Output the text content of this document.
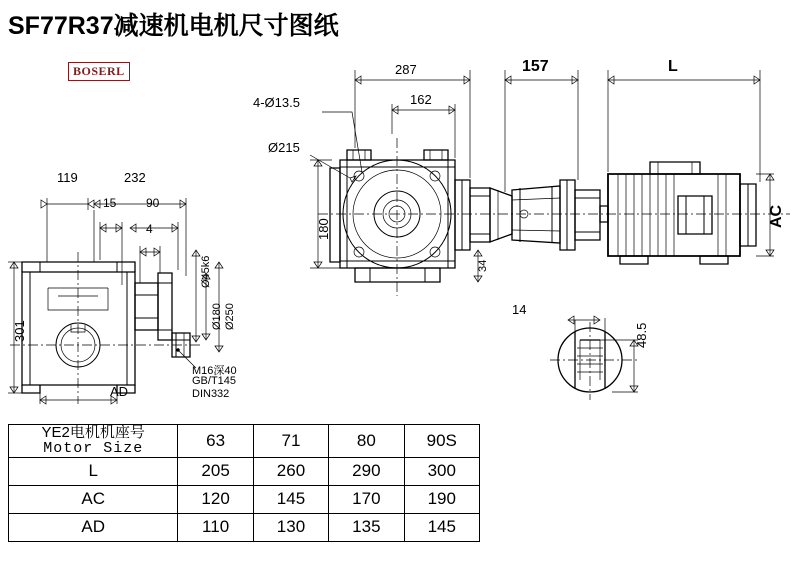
SF77R37减速机电机尺寸图纸
BOSERL
119	232
15 90
4
Ø45k6
Ø180 Ø250
301
AD
M16深40
GB/T145
DIN332
287
162
157	L
4-Ø13.5
Ø215
180
34
AC
14
48.5
YE2电机机座号
Motor Size	63	71	80	90S
L	205	260	290	300
AC	120	145	170	190
AD	110	130	135	145
